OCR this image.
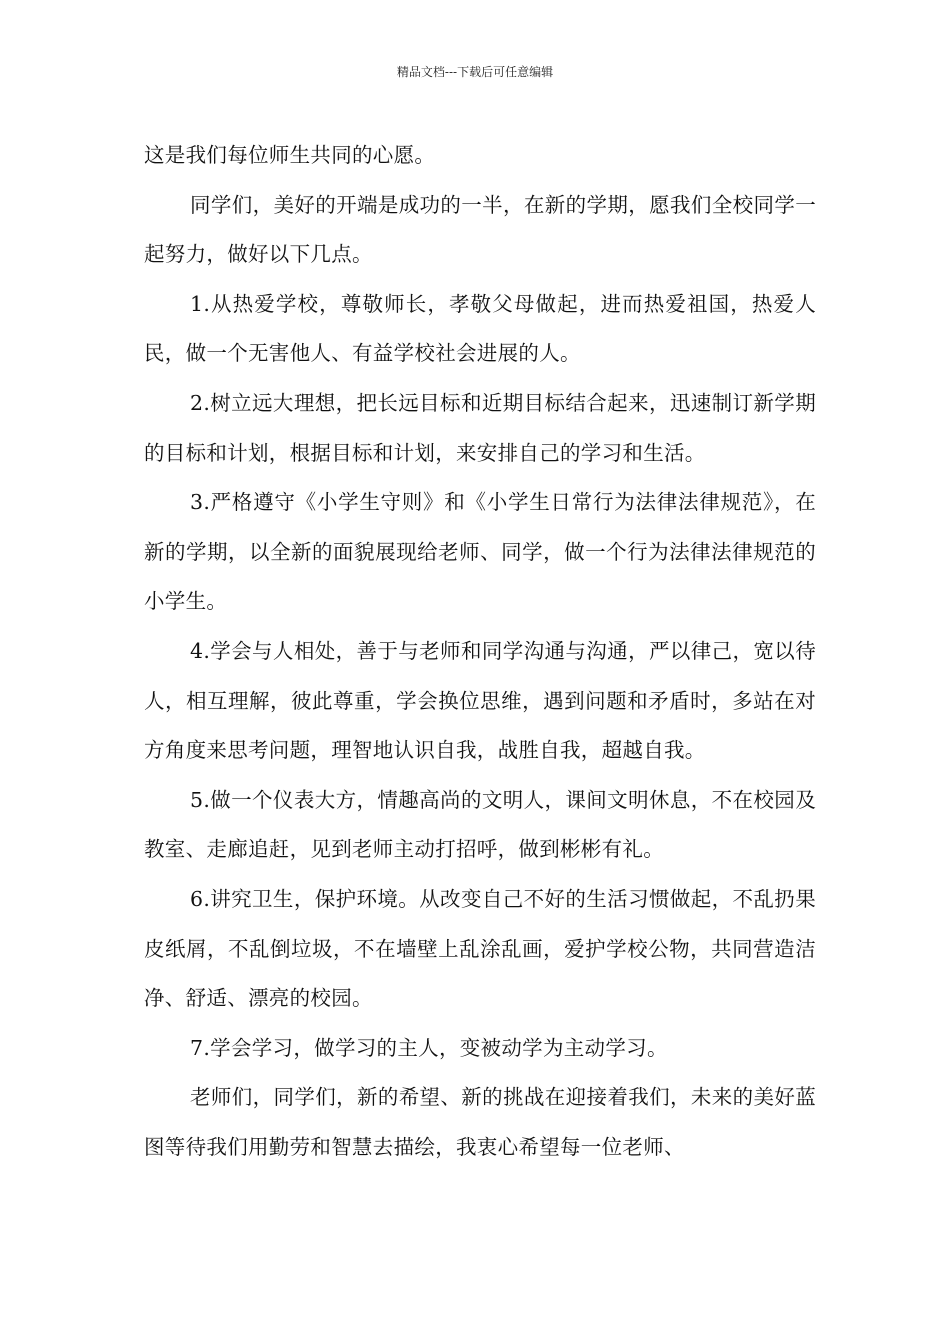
精品文档---下载后可任意编辑

这是我们每位师生共同的心愿。

同学们，美好的开端是成功的一半，在新的学期，愿我们全校同学一起努力，做好以下几点。

1.从热爱学校，尊敬师长，孝敬父母做起，进而热爱祖国，热爱人民，做一个无害他人、有益学校社会进展的人。

2.树立远大理想，把长远目标和近期目标结合起来，迅速制订新学期的目标和计划，根据目标和计划，来安排自己的学习和生活。

3.严格遵守《小学生守则》和《小学生日常行为法律法律规范》，在新的学期，以全新的面貌展现给老师、同学，做一个行为法律法律规范的小学生。

4.学会与人相处，善于与老师和同学沟通与沟通，严以律己，宽以待人，相互理解，彼此尊重，学会换位思维，遇到问题和矛盾时，多站在对方角度来思考问题，理智地认识自我，战胜自我，超越自我。

5.做一个仪表大方，情趣高尚的文明人，课间文明休息，不在校园及教室、走廊追赶，见到老师主动打招呼，做到彬彬有礼。

6.讲究卫生，保护环境。从改变自己不好的生活习惯做起，不乱扔果皮纸屑，不乱倒垃圾，不在墙壁上乱涂乱画，爱护学校公物，共同营造洁净、舒适、漂亮的校园。

7.学会学习，做学习的主人，变被动学为主动学习。

老师们，同学们，新的希望、新的挑战在迎接着我们，未来的美好蓝图等待我们用勤劳和智慧去描绘，我衷心希望每一位老师、
